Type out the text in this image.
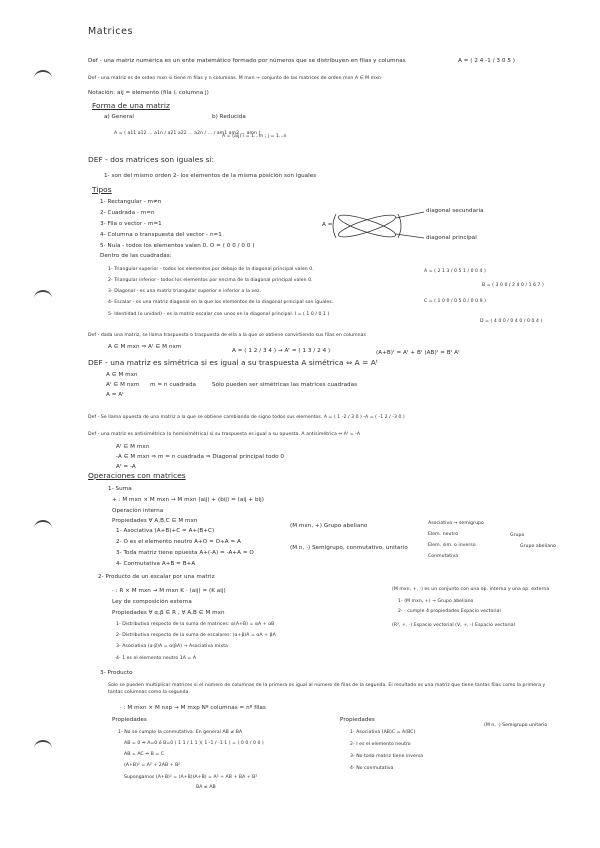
Matrices
Def - una matriz numérica es un ente matemático formado por números que se distribuyen en filas y columnas	A = ( 2 4 -1 / 3 0 5 )
Def - una matriz es de orden mxn si tiene m filas y n columnas. M mxn → conjunto de las matrices de orden mxn A ∈ M mxn
Notación: aij = elemento (fila i, columna j)
Forma de una matriz
a) General	b) Reducida
A = ( a11 a12 ... a1n / a21 a22 ... a2n / ... / am1 am2 ... amn )
A = (aij) i = 1...m ; j = 1...n
DEF - dos matrices son iguales si:
1- son del mismo orden 2- los elementos de la misma posición son iguales
Tipos
1- Rectangular - m≠n
2- Cuadrada - m=n
3- Fila o vector - m=1
4- Columna o transpuesta del vector - n=1
5- Nula - todos los elementos valen 0. O = ( 0 0 / 0 0 )
A =
diagonal secundaria
diagonal principal
Dentro de las cuadradas:
1- Triangular superior - todos los elementos por debajo de la diagonal principal valen 0.
2- Triangular inferior - todos los elementos por encima de la diagonal principal valen 0.
3- Diagonal - es una matriz triangular superior e inferior a la vez.
4- Escalar - es una matriz diagonal en la que los elementos de la diagonal principal son iguales.
5- Identidad (o unidad) - es la matriz escalar con unos en la diagonal principal. I = ( 1 0 / 0 1 )
A = ( 2 1 3 / 0 5 1 / 0 0 4 )
B = ( 3 0 0 / 2 4 0 / 1 6 7 )
C = ( 1 0 0 / 0 5 0 / 0 0 9 )
D = ( 4 0 0 / 0 4 0 / 0 0 4 )
Def - dada una matriz, se llama traspuesta o traspuesta de ella a la que se obtiene convirtiendo sus filas en columnas
A ∈ M mxn ⇒ Aᵗ ∈ M nxm
A = ( 1 2 / 3 4 ) → Aᵗ = ( 1 3 / 2 4 )	(A+B)ᵗ = Aᵗ + Bᵗ (AB)ᵗ = Bᵗ Aᵗ
DEF - una matriz es simétrica si es igual a su traspuesta A simétrica ⇔ A = Aᵗ
A ∈ M mxn
Aᵗ ∈ M nxm
A = Aᵗ
m = n cuadrada	Sólo pueden ser simétricas las matrices cuadradas
Def - Se llama opuesta de una matriz a la que se obtiene cambiando de signo todos sus elementos. A = ( 1 -2 / 3 0 ) -A = ( -1 2 / -3 0 )
Def - una matriz es antisimétrica (o hemisimétrica) si su traspuesta es igual a su opuesta. A antisimétrica ⇔ Aᵗ = -A
Aᵗ ∈ M mxn
-A ∈ M mxn ⇒ m = n cuadrada ⇒ Diagonal principal todo 0
Aᵗ = -A
Operaciones con matrices
1- Suma
+ : M mxn × M mxn → M mxn (aij) + (bij) = (aij + bij)
Operación interna
Propiedades ∀ A,B,C ∈ M mxn
1- Asociativa (A+B)+C = A+(B+C)
2- O es el elemento neutro A+O = O+A = A
3- Toda matriz tiene opuesta A+(-A) = -A+A = O
4- Conmutativa A+B = B+A
(M mxn, +) Grupo abeliano
(M n, ·) Semigrupo, conmutativo, unitario
Asociativa → semigrupo
Elem. neutro
Elem. sim. o inverso
Conmutativa
Grupo
Grupo abeliano
2- Producto de un escalar por una matriz
· : R × M mxn → M mxn K · (aij) = (K aij)
Ley de composición externa
Propiedades ∀ α,β ∈ R , ∀ A,B ∈ M mxn
1- Distributiva respecto de la suma de matrices: α(A+B) = αA + αB
2- Distributiva respecto de la suma de escalares: (α+β)A = αA + βA
3- Asociativa (α·β)A = α(βA) → Asociativa mixta
4- 1 es el elemento neutro 1A = A
(M mxn, +, ·) es un conjunto con una op. interna y una op. externa
1- (M mxn, +) → Grupo abeliano
2- · cumple 4 propiedades Espacio vectorial
(R², +, ·) Espacio vectorial (V, +, ·) Espacio vectorial
3- Producto
Solo se pueden multiplicar matrices si el número de columnas de la primera es igual al número de filas de la segunda. El resultado es una matriz que tiene tantas filas como la primera y tantas columnas como la segunda.
· : M mxn × M nxp → M mxp Nº columnas = nº filas
Propiedades
1- No se cumple la conmutativa. En general AB ≠ BA
AB = 0 ⇏ A=0 ó B=0 ( 1 1 / 1 1 )( 1 -1 / -1 1 ) = ( 0 0 / 0 0 )
AB = AC ⇏ B = C
(A+B)² = A² + 2AB + B²
Supongamos (A+B)² = (A+B)(A+B) = A² + AB + BA + B²
BA ≠ AB
Propiedades
1- Asociativa (AB)C = A(BC)
2- I es el elemento neutro
3- No toda matriz tiene inversa
4- No conmutativa
(M n, ·) Semigrupo unitario
